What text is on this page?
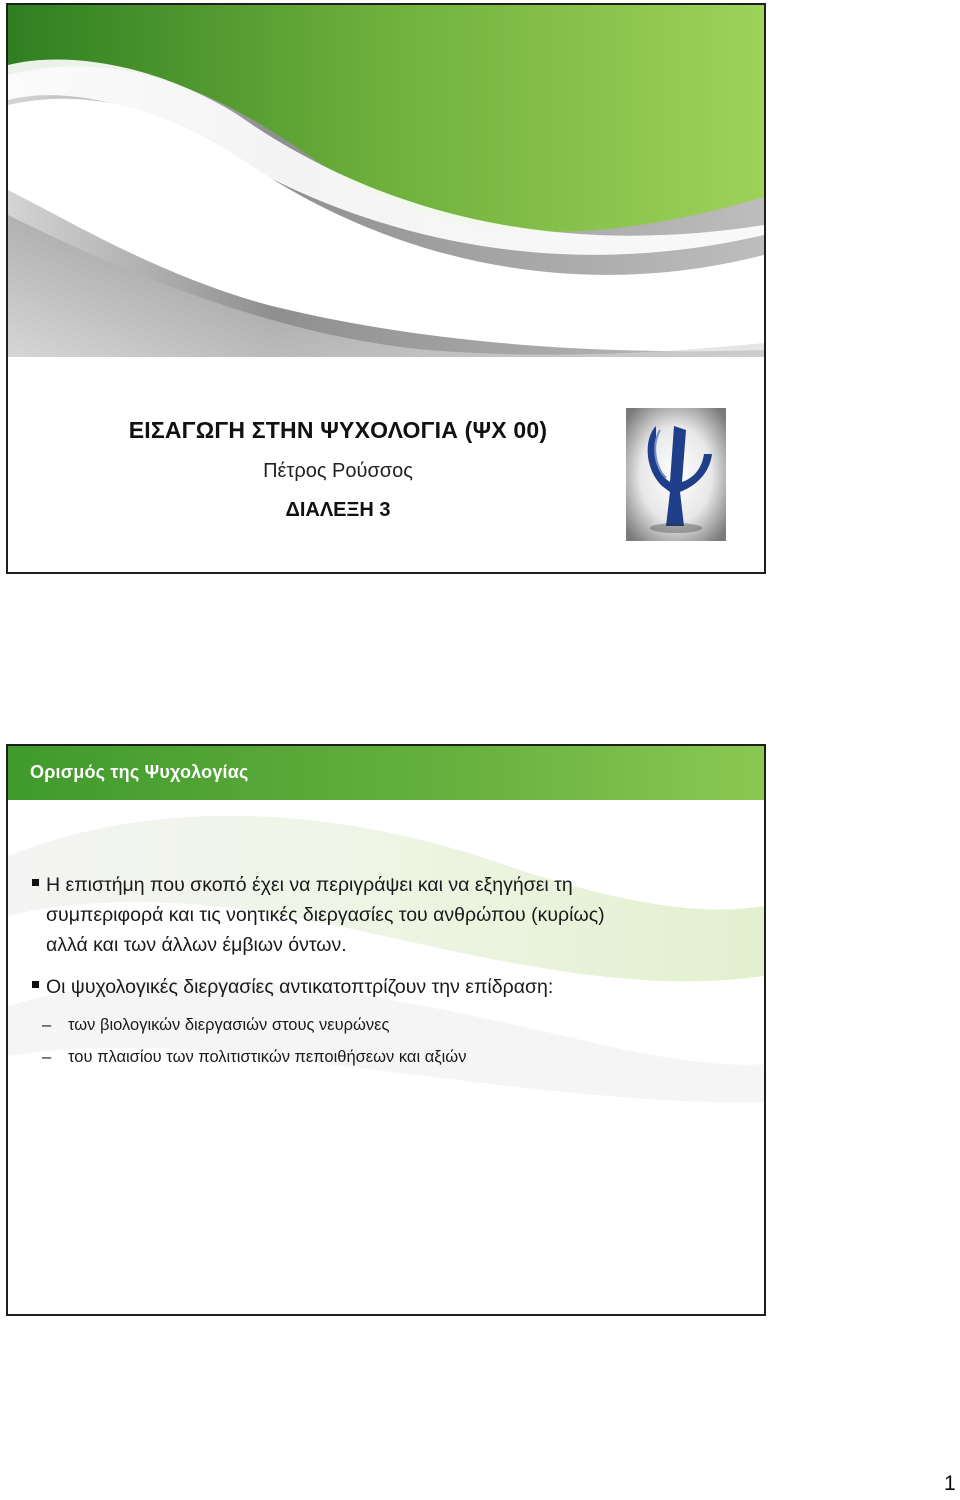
ΕΙΣΑΓΩΓΗ ΣΤΗΝ ΨΥΧΟΛΟΓΙΑ (ΨΧ 00)
Πέτρος Ρούσσος
ΔΙΑΛΕΞΗ 3
Ορισμός της Ψυχολογίας
Η επιστήμη που σκοπό έχει να περιγράψει και να εξηγήσει τη
συμπεριφορά και τις νοητικές διεργασίες του ανθρώπου (κυρίως)
αλλά και των άλλων έμβιων όντων.
Οι ψυχολογικές διεργασίες αντικατοπτρίζουν την επίδραση:
– των βιολογικών διεργασιών στους νευρώνες
– του πλαισίου των πολιτιστικών πεποιθήσεων και αξιών
1
